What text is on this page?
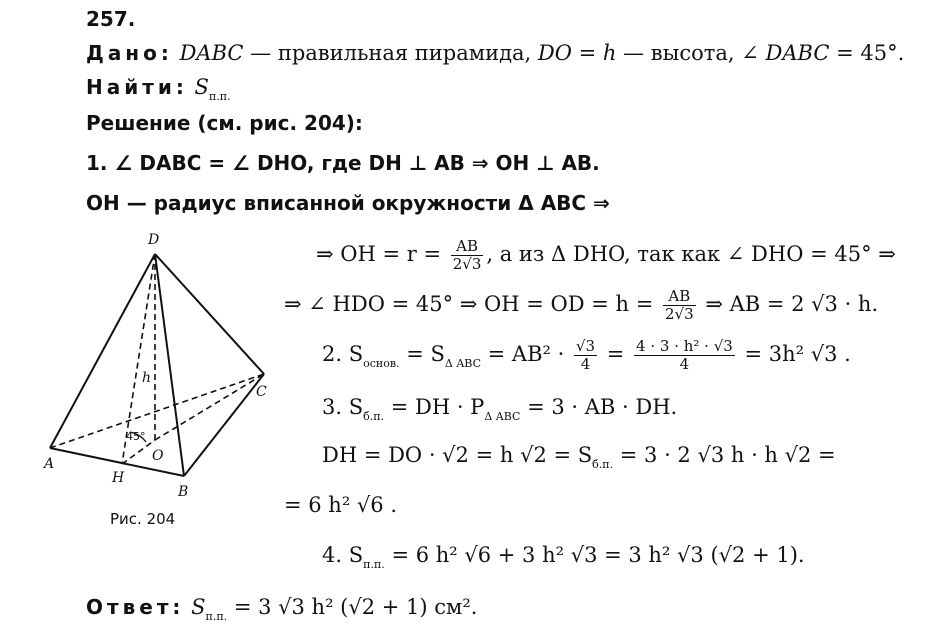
257.
Дано: DABC — правильная пирамида, DO = h — высота, ∠ DABC = 45°.
Найти: $S_{п.п.}$
Решение (см. рис. 204):
1. ∠ DABC = ∠ DHO, где DH ⊥ AB ⇒ OH ⊥ AB.
OH — радиус вписанной окружности Δ ABC ⇒
⇒ OH = $r = \frac{AB}{2√3}$ , а из Δ DHO, так как ∠ DHO = 45° ⇒
⇒ ∠ HDO = 45° ⇒ OH = OD = $h = \frac{AB}{2√3}$ ⇒ AB = 2 √3 · h.
2. $S_{основ.} = S_{\Delta ABC} = AB^2 \cdot \frac{√3}{4} = \frac{\text{4 · 3 · h² · √3}}{4} = 3h^2$ √3 .
3. $S_{б.п.}$ = DH · $P_{\Delta ABC} = 3$ · AB · DH.
DH = DO · √2 = h $√2 = S_{б.п.} = 3 \cdot 2$ √3 h · h √2 =
= 6 h² √6 .
4. $S_{п.п.} = 6$ h² √6 + 3 h² √3 = 3 h² √3 (√2 + 1).
Ответ: $S_{п.п.} = 3$ √3 h² (√2 + 1) см².
D
A
B
C
H
O
h
45°
Рис. 204
